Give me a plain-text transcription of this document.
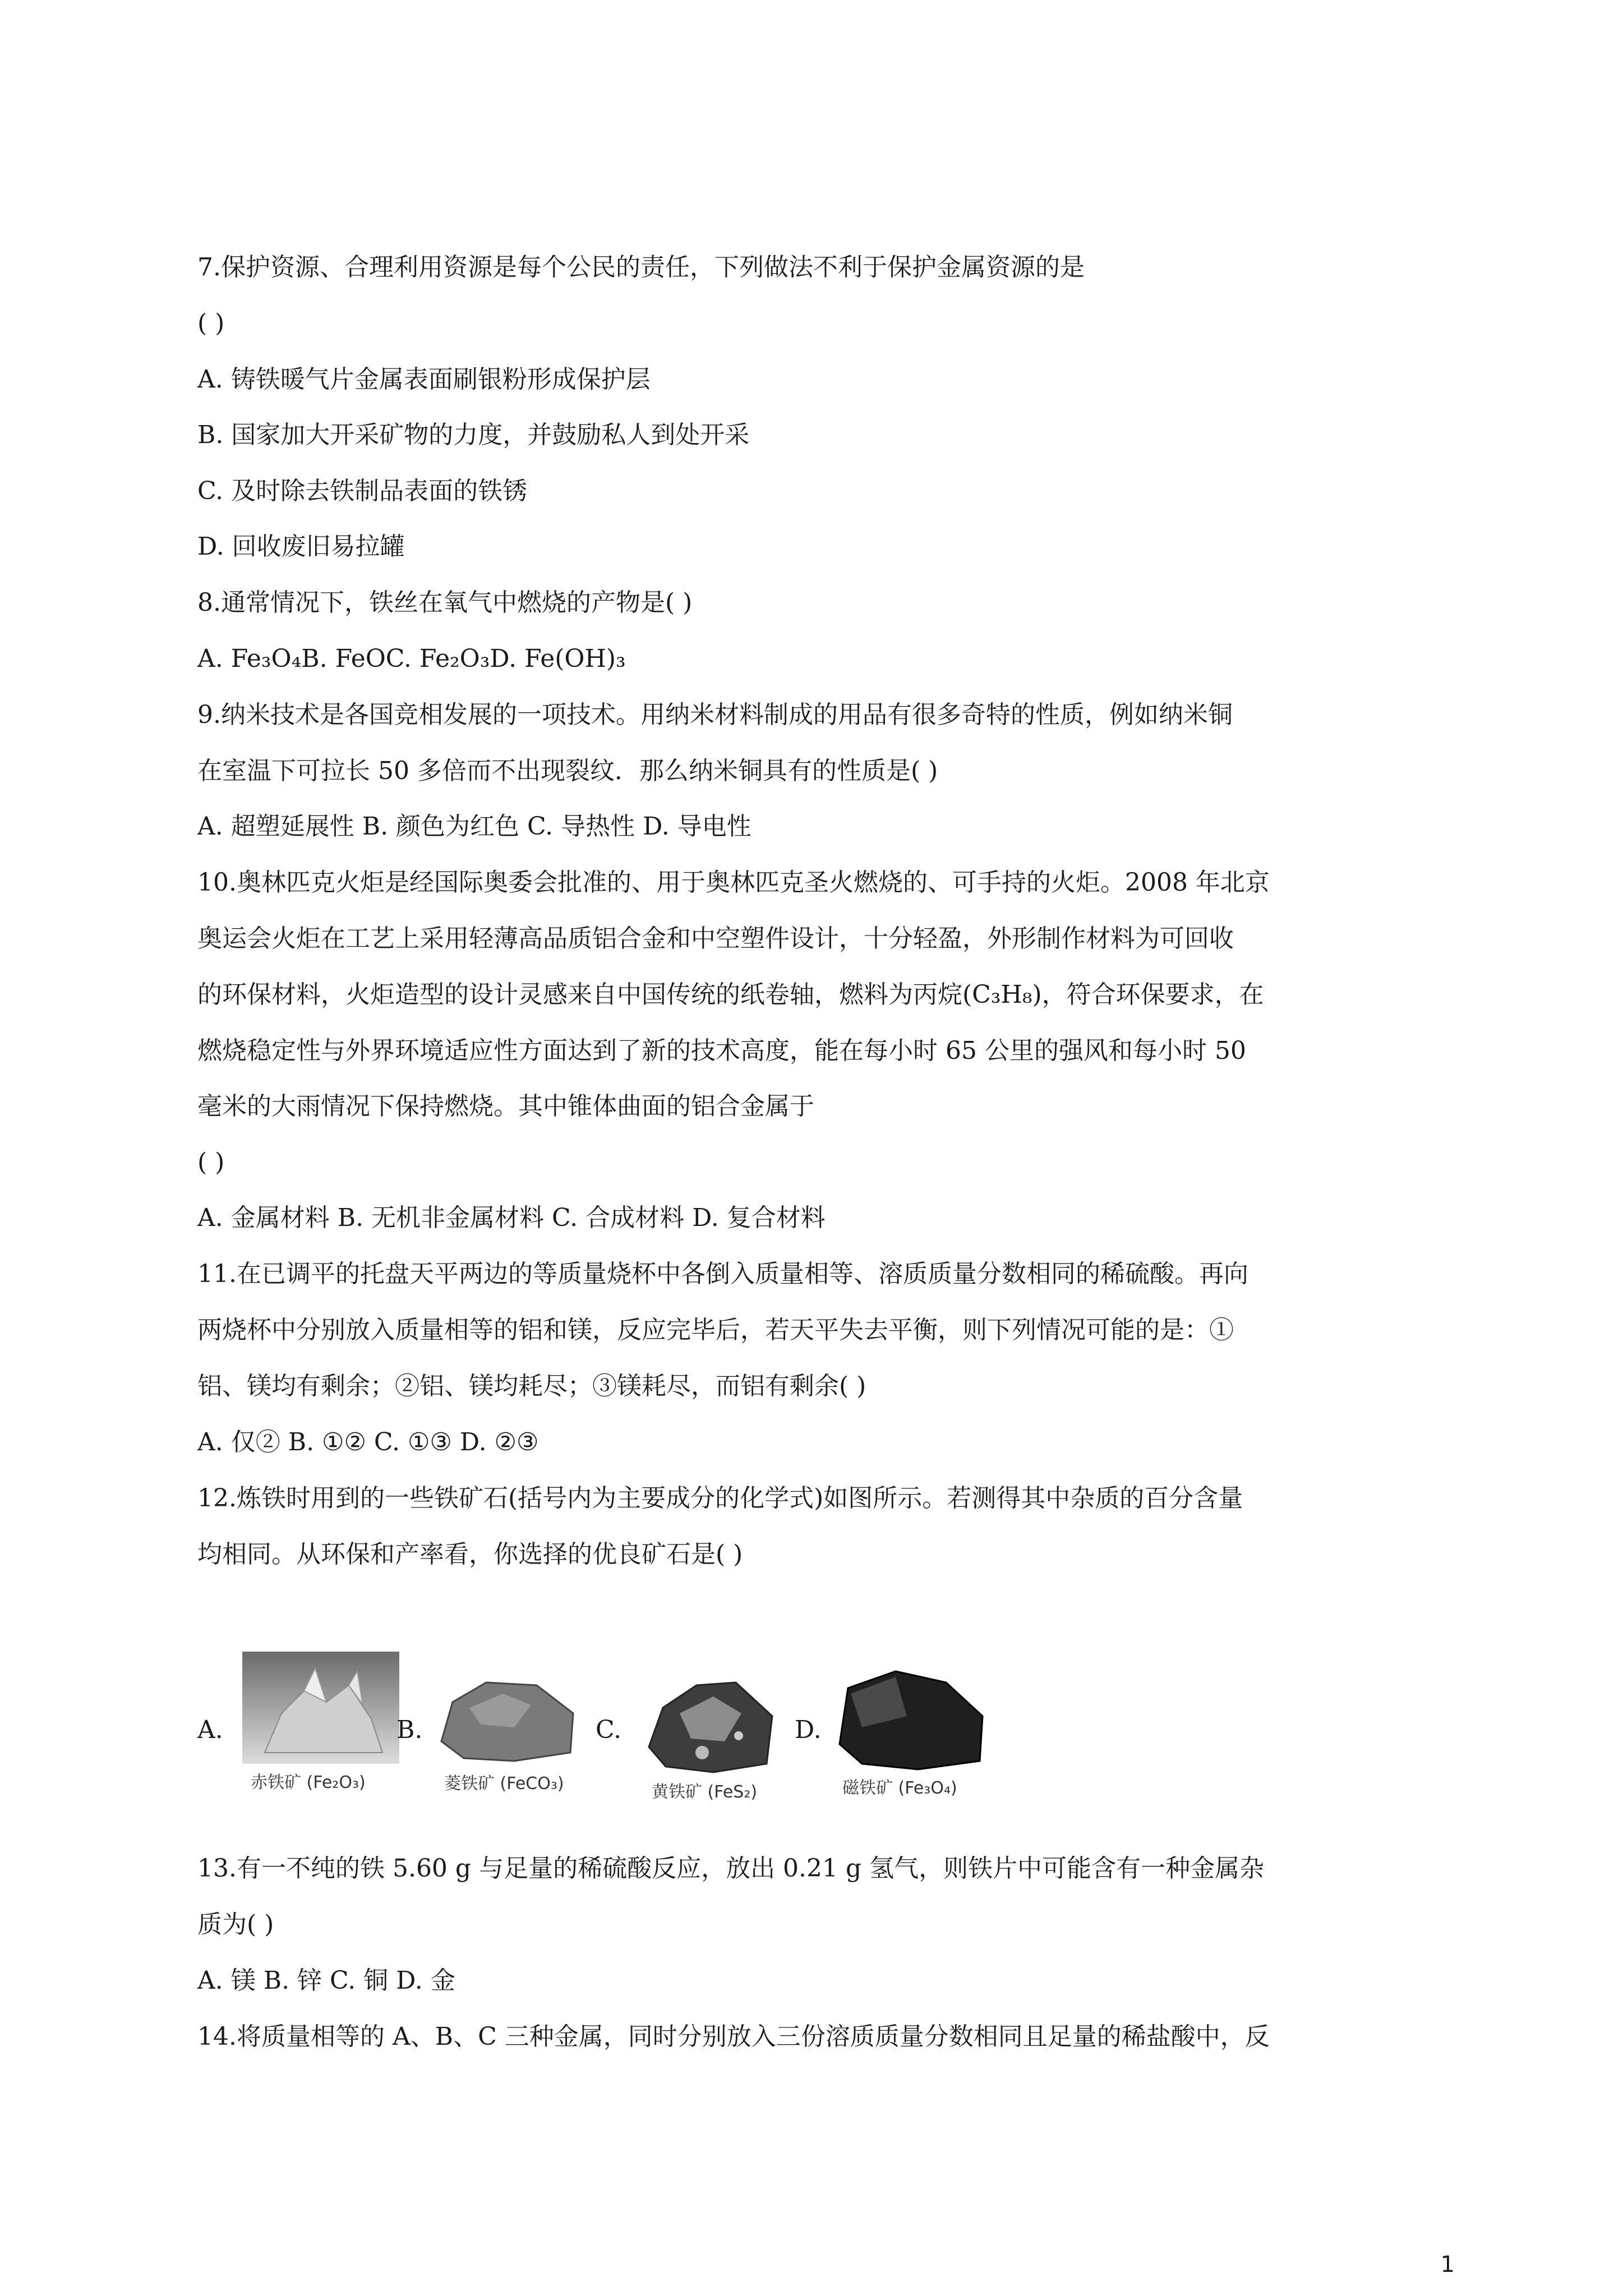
7.保护资源、合理利用资源是每个公民的责任，下列做法不利于保护金属资源的是
( )
A. 铸铁暖气片金属表面刷银粉形成保护层
B. 国家加大开采矿物的力度，并鼓励私人到处开采
C. 及时除去铁制品表面的铁锈
D. 回收废旧易拉罐
8.通常情况下，铁丝在氧气中燃烧的产物是( )
A. Fe₃O₄B. FeOC. Fe₂O₃D. Fe(OH)₃
9.纳米技术是各国竞相发展的一项技术。用纳米材料制成的用品有很多奇特的性质，例如纳米铜
在室温下可拉长 50 多倍而不出现裂纹．那么纳米铜具有的性质是( )
A. 超塑延展性 B. 颜色为红色 C. 导热性 D. 导电性
10.奥林匹克火炬是经国际奥委会批准的、用于奥林匹克圣火燃烧的、可手持的火炬。2008 年北京
奥运会火炬在工艺上采用轻薄高品质铝合金和中空塑件设计，十分轻盈，外形制作材料为可回收
的环保材料，火炬造型的设计灵感来自中国传统的纸卷轴，燃料为丙烷(C₃H₈)，符合环保要求，在
燃烧稳定性与外界环境适应性方面达到了新的技术高度，能在每小时 65 公里的强风和每小时 50
毫米的大雨情况下保持燃烧。其中锥体曲面的铝合金属于
( )
A. 金属材料 B. 无机非金属材料 C. 合成材料 D. 复合材料
11.在已调平的托盘天平两边的等质量烧杯中各倒入质量相等、溶质质量分数相同的稀硫酸。再向
两烧杯中分别放入质量相等的铝和镁，反应完毕后，若天平失去平衡，则下列情况可能的是：①
铝、镁均有剩余；②铝、镁均耗尽；③镁耗尽，而铝有剩余( )
A. 仅② B. ①② C. ①③ D. ②③
12.炼铁时用到的一些铁矿石(括号内为主要成分的化学式)如图所示。若测得其中杂质的百分含量
均相同。从环保和产率看，你选择的优良矿石是( )
A.
赤铁矿 (Fe₂O₃)
B.
菱铁矿 (FeCO₃)
C.
黄铁矿 (FeS₂)
D.
磁铁矿 (Fe₃O₄)
13.有一不纯的铁 5.60 g 与足量的稀硫酸反应，放出 0.21 g 氢气，则铁片中可能含有一种金属杂
质为( )
A. 镁 B. 锌 C. 铜 D. 金
14.将质量相等的 A、B、C 三种金属，同时分别放入三份溶质质量分数相同且足量的稀盐酸中，反
1
